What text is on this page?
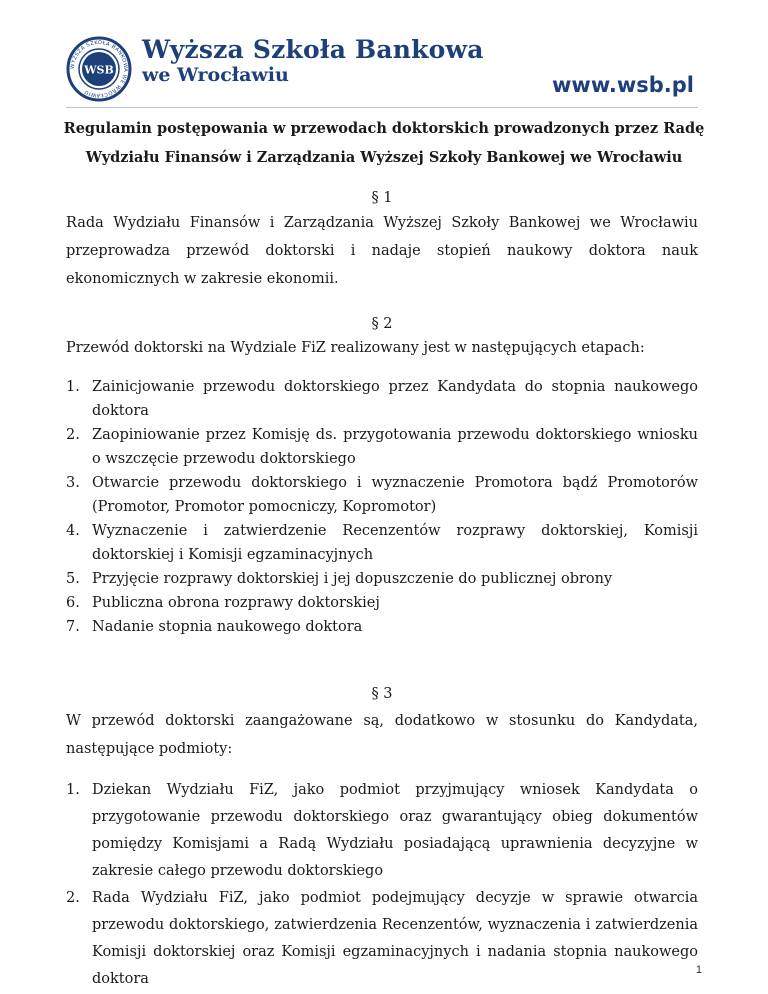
WSB
WYŻSZA SZKOŁA BANKOWA WE WROCŁAWIU
Wyższa Szkoła Bankowa
we Wrocławiu	www.wsb.pl
Regulamin postępowania w przewodach doktorskich prowadzonych przez Radę
Wydziału Finansów i Zarządzania Wyższej Szkoły Bankowej we Wrocławiu
§ 1

Rada Wydziału Finansów i Zarządzania Wyższej Szkoły Bankowej we Wrocławiu przeprowadza przewód doktorski i nadaje stopień naukowy doktora nauk ekonomicznych w zakresie ekonomii.

§ 2

Przewód doktorski na Wydziale FiZ realizowany jest w następujących etapach:

1. Zainicjowanie przewodu doktorskiego przez Kandydata do stopnia naukowego doktora
2. Zaopiniowanie przez Komisję ds. przygotowania przewodu doktorskiego wniosku o wszczęcie przewodu doktorskiego
3. Otwarcie przewodu doktorskiego i wyznaczenie Promotora bądź Promotorów (Promotor, Promotor pomocniczy, Kopromotor)
4. Wyznaczenie i zatwierdzenie Recenzentów rozprawy doktorskiej, Komisji doktorskiej i Komisji egzaminacyjnych
5. Przyjęcie rozprawy doktorskiej i jej dopuszczenie do publicznej obrony
6. Publiczna obrona rozprawy doktorskiej
7. Nadanie stopnia naukowego doktora
§ 3

W przewód doktorski zaangażowane są, dodatkowo w stosunku do Kandydata, następujące podmioty:

1. Dziekan Wydziału FiZ, jako podmiot przyjmujący wniosek Kandydata o przygotowanie przewodu doktorskiego oraz gwarantujący obieg dokumentów pomiędzy Komisjami a Radą Wydziału posiadającą uprawnienia decyzyjne w zakresie całego przewodu doktorskiego
2. Rada Wydziału FiZ, jako podmiot podejmujący decyzje w sprawie otwarcia przewodu doktorskiego, zatwierdzenia Recenzentów, wyznaczenia i zatwierdzenia Komisji doktorskiej oraz Komisji egzaminacyjnych i nadania stopnia naukowego doktora
1
